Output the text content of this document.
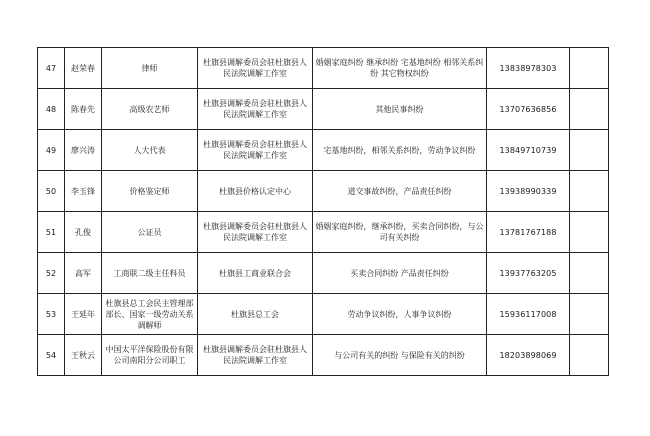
47	赵荣春	律师	杜旗县调解委员会驻杜旗县人民法院调解工作室	婚姻家庭纠纷 继承纠纷 宅基地纠纷 相邻关系纠纷 其它物权纠纷	13838978303	
48	陈春先	高级农艺师	杜旗县调解委员会驻杜旗县人民法院调解工作室	其他民事纠纷	13707636856	
49	廖兴涛	人大代表	杜旗县调解委员会驻杜旗县人民法院调解工作室	宅基地纠纷，相邻关系纠纷，劳动争议纠纷	13849710739	
50	李玉锋	价格鉴定师	杜旗县价格认定中心	道交事故纠纷，产品责任纠纷	13938990339	
51	孔俊	公证员	杜旗县调解委员会驻杜旗县人民法院调解工作室	婚姻家庭纠纷，继承纠纷，买卖合同纠纷，与公司有关纠纷	13781767188	
52	高军	工商联二级主任科员	杜旗县工商业联合会	买卖合同纠纷 产品责任纠纷	13937763205	
53	王延年	杜旗县总工会民主管理部部长、国家一级劳动关系调解师	杜旗县总工会	劳动争议纠纷，人事争议纠纷	15936117008	
54	王秋云	中国太平洋保险股份有限公司南阳分公司职工	杜旗县调解委员会驻杜旗县人民法院调解工作室	与公司有关的纠纷 与保险有关的纠纷	18203898069	
